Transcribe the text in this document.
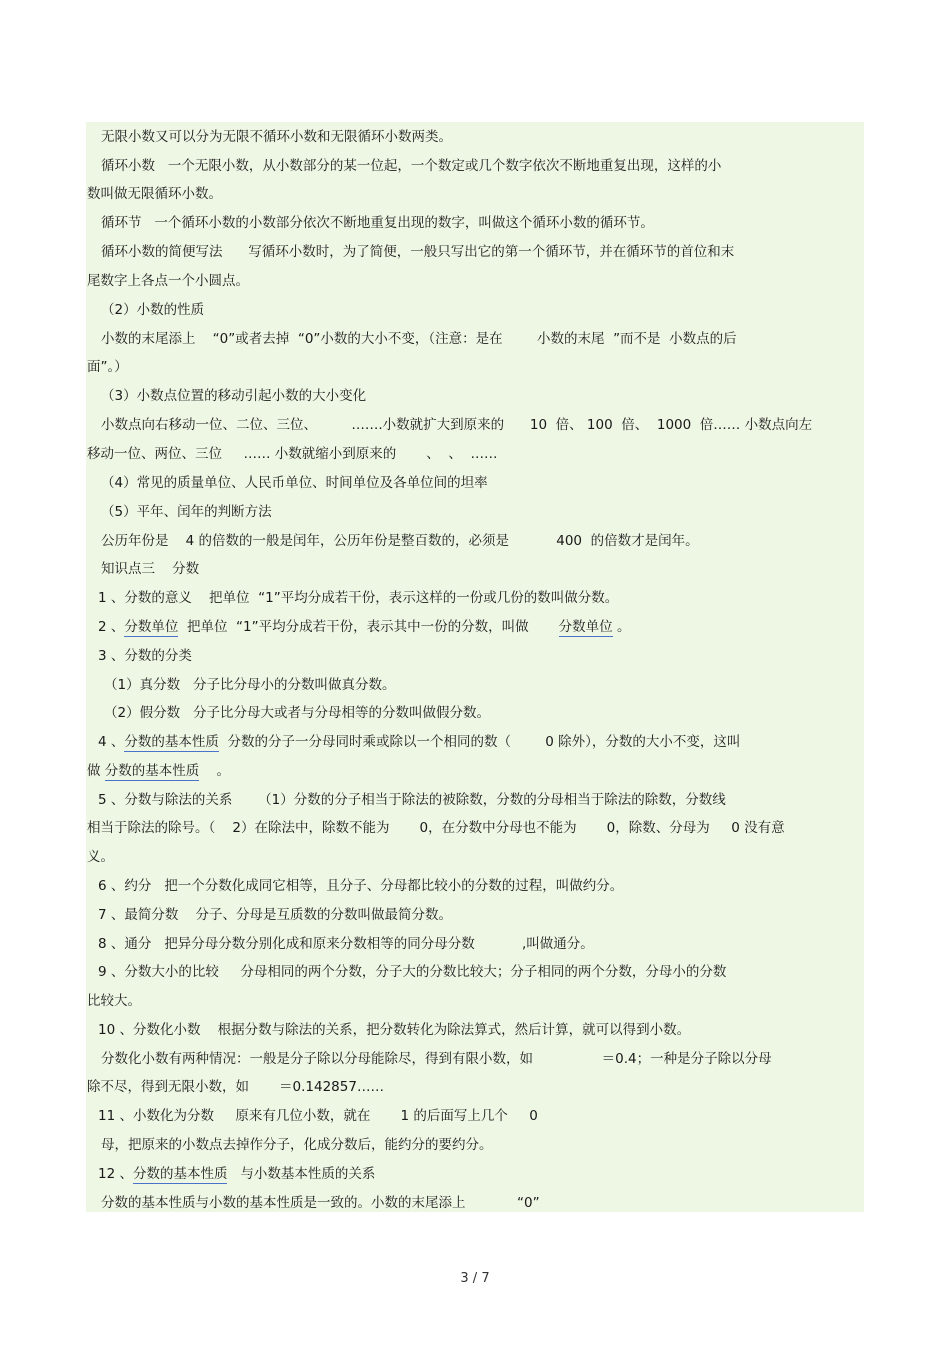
无限小数又可以分为无限不循环小数和无限循环小数两类。
循环小数   一个无限小数，从小数部分的某一位起，一个数定或几个数字依次不断地重复出现，这样的小
数叫做无限循环小数。
循环节   一个循环小数的小数部分依次不断地重复出现的数字，叫做这个循环小数的循环节。
循环小数的简便写法      写循环小数时，为了简便，一般只写出它的第一个循环节，并在循环节的首位和末
尾数字上各点一个小圆点。
（2）小数的性质
小数的末尾添上    “0”或者去掉  “0”小数的大小不变，（注意：是在        小数的末尾  ”而不是  小数点的后
面”。）
（3）小数点位置的移动引起小数的大小变化
小数点向右移动一位、二位、三位、        …….小数就扩大到原来的      10  倍、 100  倍、  1000  倍…… 小数点向左
移动一位、两位、三位     …… 小数就缩小到原来的       、  、  ……
（4）常见的质量单位、人民币单位、时间单位及各单位间的坦率
（5）平年、闰年的判断方法
公历年份是    4 的倍数的一般是闰年，公历年份是整百数的，必须是           400  的倍数才是闰年。
知识点三    分数
1 、分数的意义    把单位  “1”平均分成若干份，表示这样的一份或几份的数叫做分数。
2 、分数单位  把单位  “1”平均分成若干份，表示其中一份的分数，叫做       分数单位 。
3 、分数的分类
（1）真分数   分子比分母小的分数叫做真分数。
（2）假分数   分子比分母大或者与分母相等的分数叫做假分数。
4 、分数的基本性质  分数的分子一分母同时乘或除以一个相同的数（        0 除外），分数的大小不变，这叫
做 分数的基本性质    。
5 、分数与除法的关系      （1）分数的分子相当于除法的被除数，分数的分母相当于除法的除数，分数线
相当于除法的除号。（    2）在除法中，除数不能为       0，在分数中分母也不能为       0，除数、分母为     0 没有意
义。
6 、约分   把一个分数化成同它相等，且分子、分母都比较小的分数的过程，叫做约分。
7 、最简分数    分子、分母是互质数的分数叫做最简分数。
8 、通分   把异分母分数分别化成和原来分数相等的同分母分数           ,叫做通分。
9 、分数大小的比较     分母相同的两个分数，分子大的分数比较大；分子相同的两个分数，分母小的分数
比较大。
10 、分数化小数    根据分数与除法的关系，把分数转化为除法算式，然后计算，就可以得到小数。
分数化小数有两种情况：一般是分子除以分母能除尽，得到有限小数，如                ＝0.4；一种是分子除以分母
除不尽，得到无限小数，如       ＝0.142857……
11 、小数化为分数     原来有几位小数，就在       1 的后面写上几个     0
母，把原来的小数点去掉作分子，化成分数后，能约分的要约分。
12 、分数的基本性质   与小数基本性质的关系
分数的基本性质与小数的基本性质是一致的。小数的末尾添上            “0”
3 / 7
